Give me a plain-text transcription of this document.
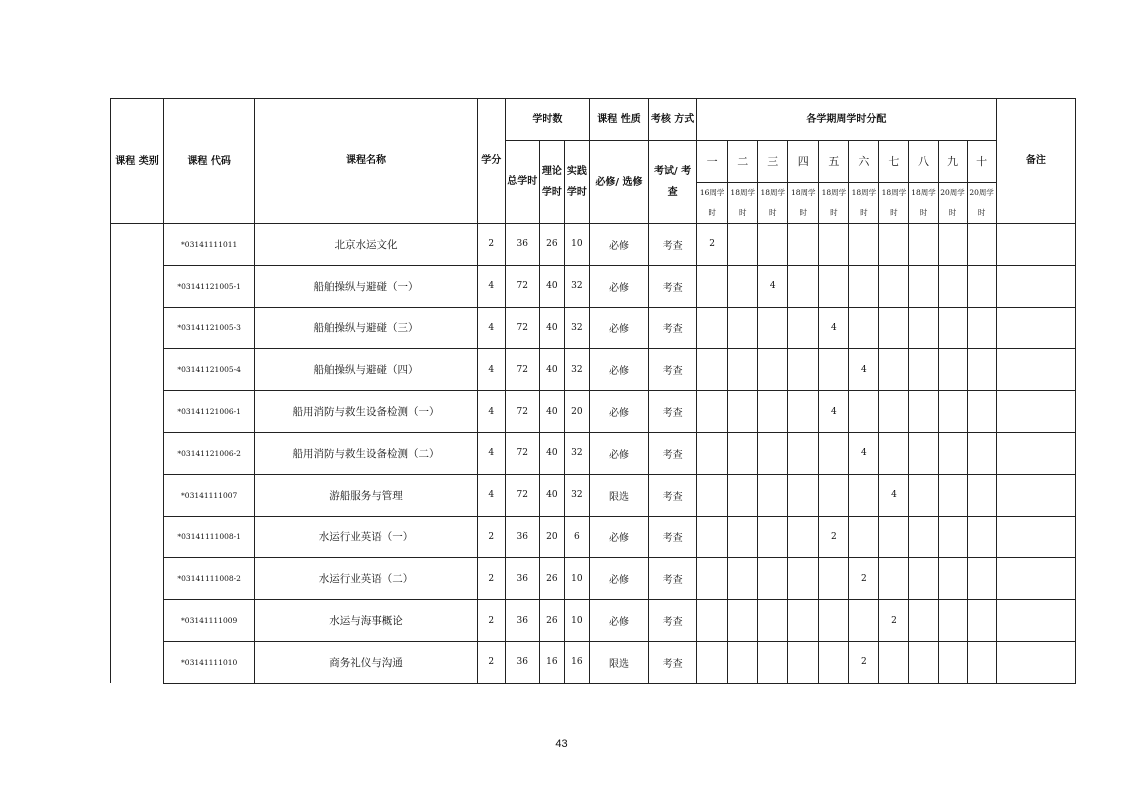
课程 类别	课程 代码	课程名称	学分	学时数			课程 性质	考核 方式	各学期周学时分配										备注
				总学时	理论 学时	实践 学时	必修/ 选修	考试/ 考查	一	二	三	四	五	六	七	八	九	十	
									16周学 时	18周学 时	18周学 时	18周学 时	18周学 时	18周学 时	18周学 时	18周学 时	20周学 时	20周学 时	
	*03141111011	北京水运文化	2	36	26	10	必修	考查	2										
	*03141121005-1	船舶操纵与避碰（一）	4	72	40	32	必修	考查			4								
	*03141121005-3	船舶操纵与避碰（三）	4	72	40	32	必修	考查					4						
	*03141121005-4	船舶操纵与避碰（四）	4	72	40	32	必修	考查						4					
	*03141121006-1	船用消防与救生设备检测（一）	4	72	40	20	必修	考查					4						
	*03141121006-2	船用消防与救生设备检测（二）	4	72	40	32	必修	考查						4					
	*03141111007	游船服务与管理	4	72	40	32	限选	考查							4				
	*03141111008-1	水运行业英语（一）	2	36	20	6	必修	考查					2						
	*03141111008-2	水运行业英语（二）	2	36	26	10	必修	考查						2					
	*03141111009	水运与海事概论	2	36	26	10	必修	考查							2				
	*03141111010	商务礼仪与沟通	2	36	16	16	限选	考查						2					
43
